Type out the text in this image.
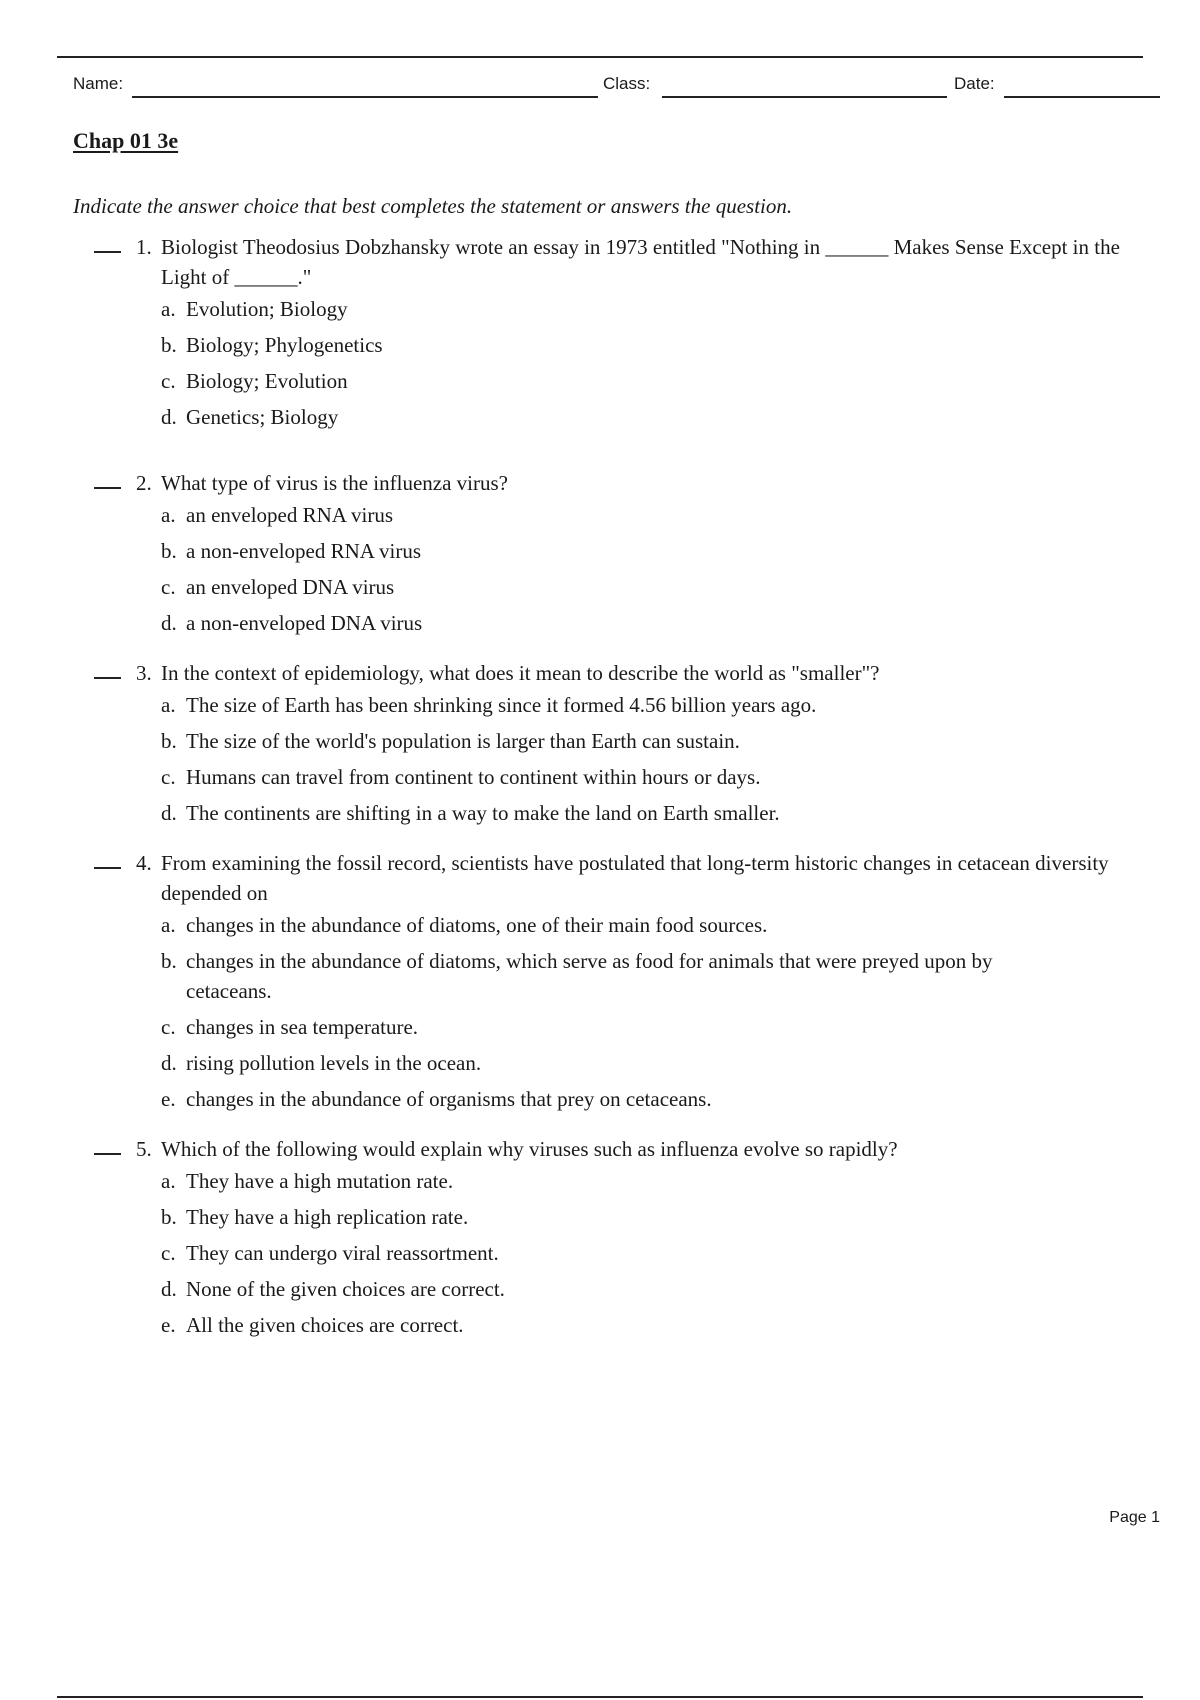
Name:	Class:	Date:
Chap 01 3e
Indicate the answer choice that best completes the statement or answers the question.
1. Biologist Theodosius Dobzhansky wrote an essay in 1973 entitled "Nothing in ______ Makes Sense Except in the Light of ______."
a. Evolution; Biology
b. Biology; Phylogenetics
c. Biology; Evolution
d. Genetics; Biology
2. What type of virus is the influenza virus?
a. an enveloped RNA virus
b. a non-enveloped RNA virus
c. an enveloped DNA virus
d. a non-enveloped DNA virus
3. In the context of epidemiology, what does it mean to describe the world as "smaller"?
a. The size of Earth has been shrinking since it formed 4.56 billion years ago.
b. The size of the world's population is larger than Earth can sustain.
c. Humans can travel from continent to continent within hours or days.
d. The continents are shifting in a way to make the land on Earth smaller.
4. From examining the fossil record, scientists have postulated that long-term historic changes in cetacean diversity depended on
a. changes in the abundance of diatoms, one of their main food sources.
b. changes in the abundance of diatoms, which serve as food for animals that were preyed upon by cetaceans.
c. changes in sea temperature.
d. rising pollution levels in the ocean.
e. changes in the abundance of organisms that prey on cetaceans.
5. Which of the following would explain why viruses such as influenza evolve so rapidly?
a. They have a high mutation rate.
b. They have a high replication rate.
c. They can undergo viral reassortment.
d. None of the given choices are correct.
e. All the given choices are correct.
Page 1
